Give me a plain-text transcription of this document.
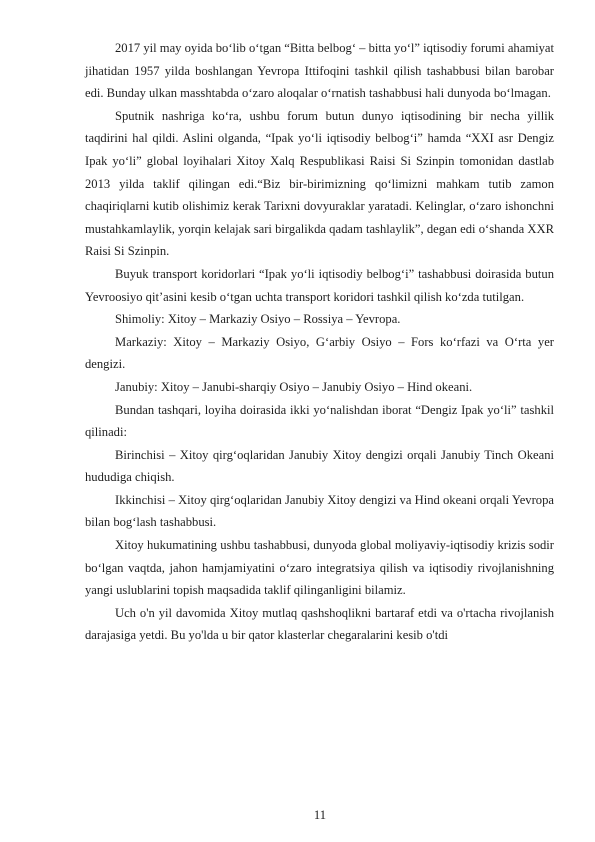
2017 yil may oyida bo‘lib o‘tgan “Bitta belbog‘ – bitta yo‘l” iqtisodiy forumi ahamiyat jihatidan 1957 yilda boshlangan Yevropa Ittifoqini tashkil qilish tashabbusi bilan barobar edi. Bunday ulkan masshtabda o‘zaro aloqalar o‘rnatish tashabbusi hali dunyoda bo‘lmagan.

Sputnik nashriga ko‘ra, ushbu forum butun dunyo iqtisodining bir necha yillik taqdirini hal qildi. Aslini olganda, “Ipak yo‘li iqtisodiy belbog‘i” hamda “XXI asr Dengiz Ipak yo‘li” global loyihalari Xitoy Xalq Respublikasi Raisi Si Szinpin tomonidan dastlab 2013 yilda taklif qilingan edi.“Biz bir-birimizning qo‘limizni mahkam tutib zamon chaqiriqlarni kutib olishimiz kerak Tarixni dovyuraklar yaratadi. Kelinglar, o‘zaro ishonchni mustahkamlaylik, yorqin kelajak sari birgalikda qadam tashlaylik”, degan edi o‘shanda XXR Raisi Si Szinpin.

Buyuk transport koridorlari “Ipak yo‘li iqtisodiy belbog‘i” tashabbusi doirasida butun Yevroosiyo qit’asini kesib o‘tgan uchta transport koridori tashkil qilish ko‘zda tutilgan.

Shimoliy: Xitoy – Markaziy Osiyo – Rossiya – Yevropa.

Markaziy: Xitoy – Markaziy Osiyo, G‘arbiy Osiyo – Fors ko‘rfazi va O‘rta yer dengizi.

Janubiy: Xitoy – Janubi-sharqiy Osiyo – Janubiy Osiyo – Hind okeani.

Bundan tashqari, loyiha doirasida ikki yo‘nalishdan iborat “Dengiz Ipak yo‘li” tashkil qilinadi:

Birinchisi – Xitoy qirg‘oqlaridan Janubiy Xitoy dengizi orqali Janubiy Tinch Okeani hududiga chiqish.

Ikkinchisi – Xitoy qirg‘oqlaridan Janubiy Xitoy dengizi va Hind okeani orqali Yevropa bilan bog‘lash tashabbusi.

Xitoy hukumatining ushbu tashabbusi, dunyoda global moliyaviy-iqtisodiy krizis sodir bo‘lgan vaqtda, jahon hamjamiyatini o‘zaro integratsiya qilish va iqtisodiy rivojlanishning yangi uslublarini topish maqsadida taklif qilinganligini bilamiz.

Uch o'n yil davomida Xitoy mutlaq qashshoqlikni bartaraf etdi va o'rtacha rivojlanish darajasiga yetdi. Bu yo'lda u bir qator klasterlar chegaralarini kesib o'tdi

11
